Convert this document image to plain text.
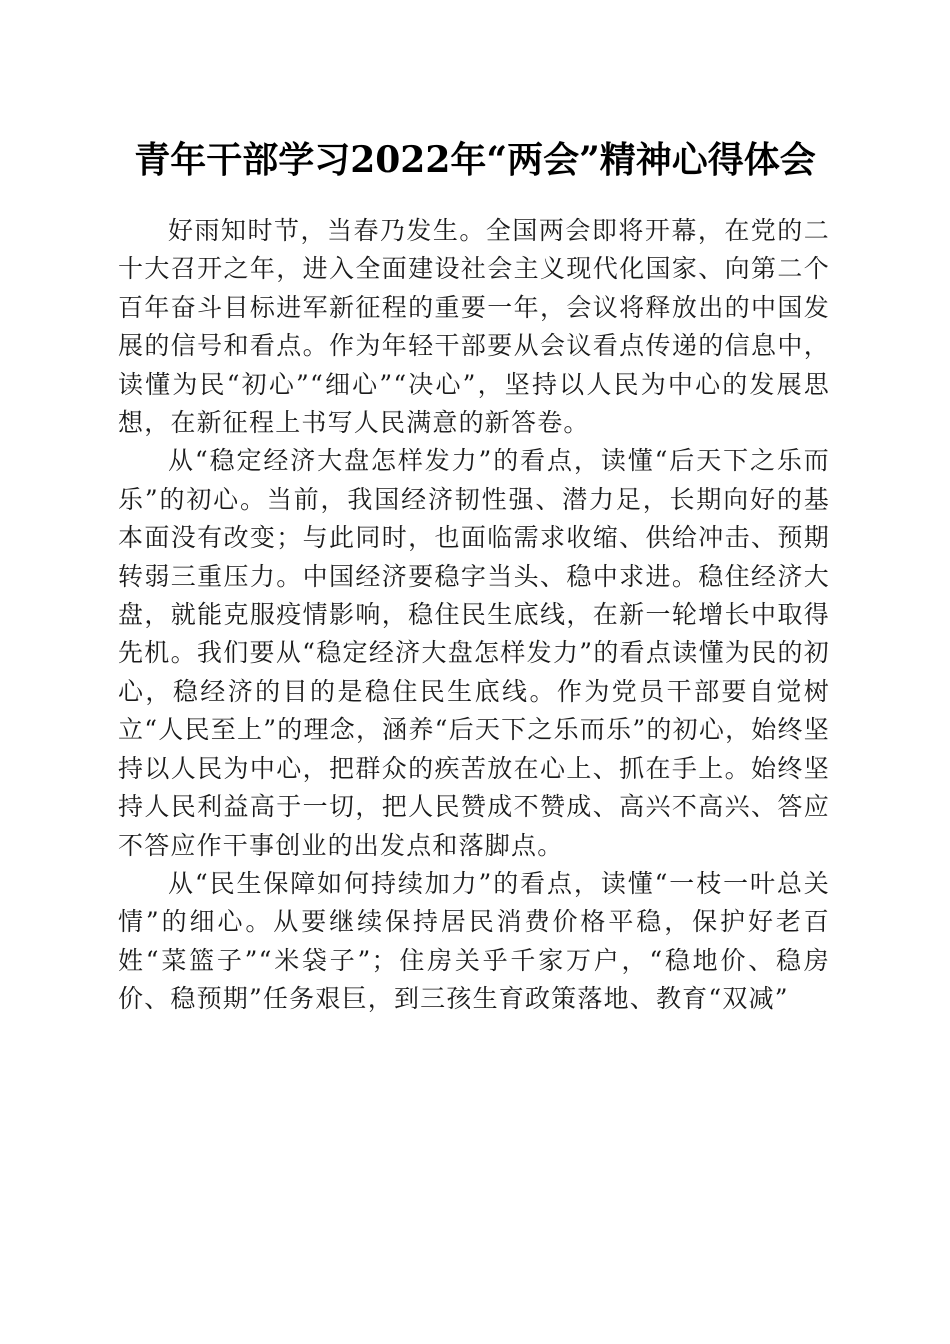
青年干部学习2022年“两会”精神心得体会

好雨知时节，当春乃发生。全国两会即将开幕，在党的二十大召开之年，进入全面建设社会主义现代化国家、向第二个百年奋斗目标进军新征程的重要一年，会议将释放出的中国发展的信号和看点。作为年轻干部要从会议看点传递的信息中，读懂为民“初心”“细心”“决心”，坚持以人民为中心的发展思想，在新征程上书写人民满意的新答卷。

从“稳定经济大盘怎样发力”的看点，读懂“后天下之乐而乐”的初心。当前，我国经济韧性强、潜力足，长期向好的基本面没有改变；与此同时，也面临需求收缩、供给冲击、预期转弱三重压力。中国经济要稳字当头、稳中求进。稳住经济大盘，就能克服疫情影响，稳住民生底线，在新一轮增长中取得先机。我们要从“稳定经济大盘怎样发力”的看点读懂为民的初心，稳经济的目的是稳住民生底线。作为党员干部要自觉树立“人民至上”的理念，涵养“后天下之乐而乐”的初心，始终坚持以人民为中心，把群众的疾苦放在心上、抓在手上。始终坚持人民利益高于一切，把人民赞成不赞成、高兴不高兴、答应不答应作干事创业的出发点和落脚点。

从“民生保障如何持续加力”的看点，读懂“一枝一叶总关情”的细心。从要继续保持居民消费价格平稳，保护好老百姓“菜篮子”“米袋子”；住房关乎千家万户，“稳地价、稳房价、稳预期”任务艰巨，到三孩生育政策落地、教育“双减”
